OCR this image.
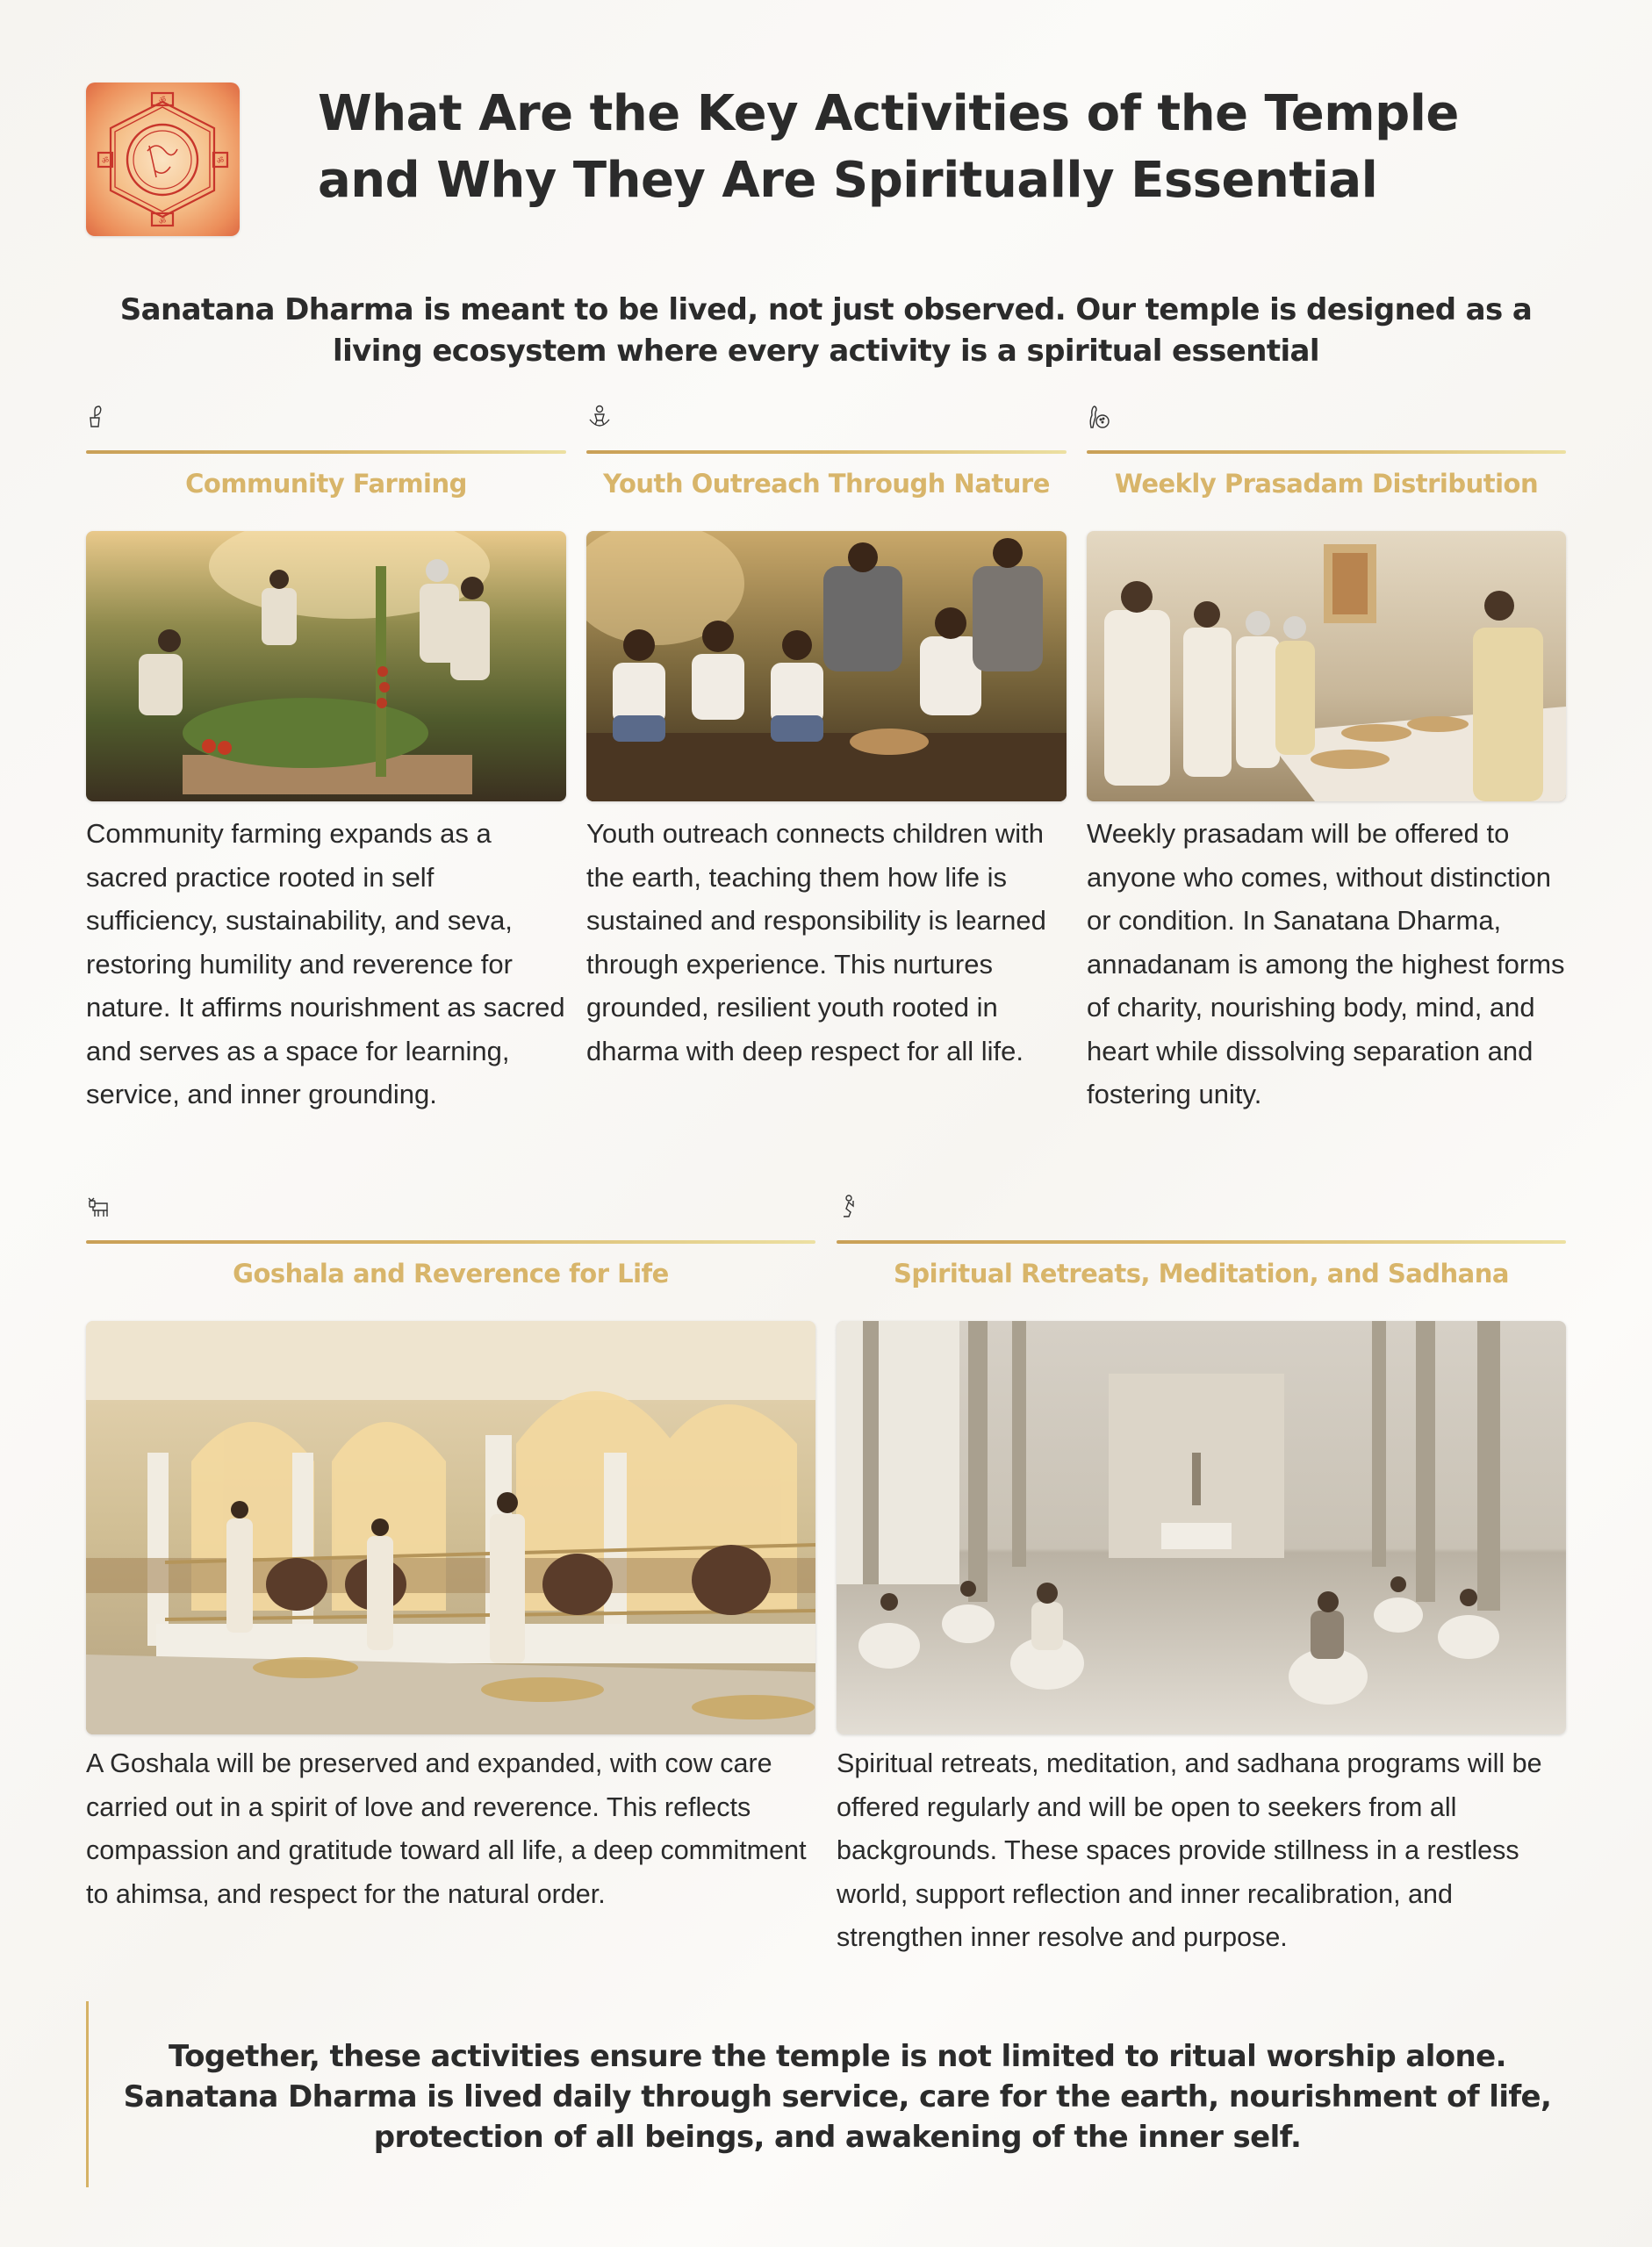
ॐ
ॐ
ॐ	ॐ
What Are the Key Activities of the Temple and Why They Are Spiritually Essential

Sanatana Dharma is meant to be lived, not just observed. Our temple is designed as a living ecosystem where every activity is a spiritual essential

Community Farming

Community farming expands as a sacred practice rooted in self sufficiency, sustainability, and seva, restoring humility and reverence for nature. It affirms nourishment as sacred and serves as a space for learning, service, and inner grounding.

Youth Outreach Through Nature

Youth outreach connects children with the earth, teaching them how life is sustained and responsibility is learned through experience. This nurtures grounded, resilient youth rooted in dharma with deep respect for all life.

Weekly Prasadam Distribution

Weekly prasadam will be offered to anyone who comes, without distinction or condition. In Sanatana Dharma, annadanam is among the highest forms of charity, nourishing body, mind, and heart while dissolving separation and fostering unity.

Goshala and Reverence for Life

A Goshala will be preserved and expanded, with cow care carried out in a spirit of love and reverence. This reflects compassion and gratitude toward all life, a deep commitment to ahimsa, and respect for the natural order.

Spiritual Retreats, Meditation, and Sadhana

Spiritual retreats, meditation, and sadhana programs will be offered regularly and will be open to seekers from all backgrounds. These spaces provide stillness in a restless world, support reflection and inner recalibration, and strengthen inner resolve and purpose.

Together, these activities ensure the temple is not limited to ritual worship alone. Sanatana Dharma is lived daily through service, care for the earth, nourishment of life, protection of all beings, and awakening of the inner self.
